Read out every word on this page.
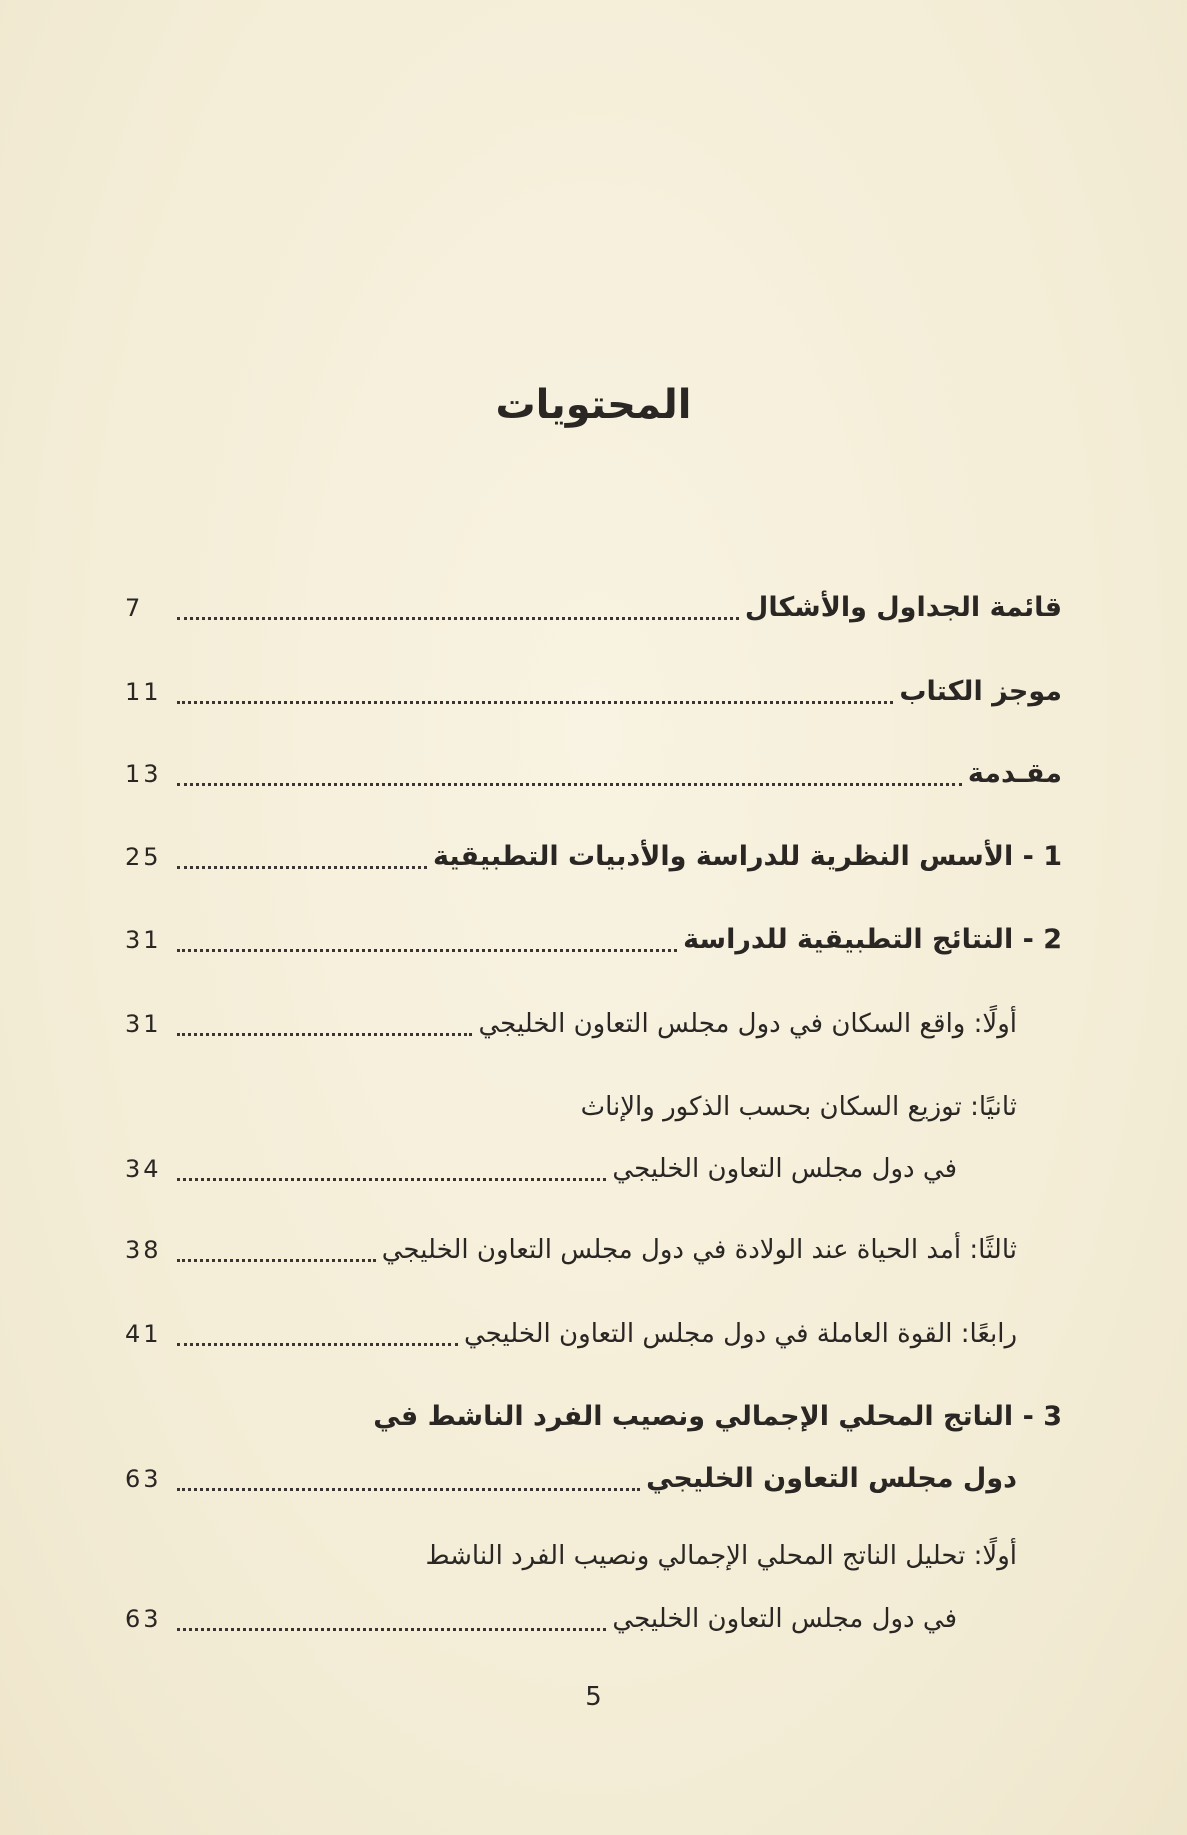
المحتويات
قائمة الجداول والأشكال
7
موجز الكتاب
11
مقـدمة
13
1 - الأسس النظرية للدراسة والأدبيات التطبيقية
25
2 - النتائج التطبيقية للدراسة
31
أولًا: واقع السكان في دول مجلس التعاون الخليجي
31
ثانيًا: توزيع السكان بحسب الذكور والإناث
في دول مجلس التعاون الخليجي
34
ثالثًا: أمد الحياة عند الولادة في دول مجلس التعاون الخليجي
38
رابعًا: القوة العاملة في دول مجلس التعاون الخليجي
41
3 - الناتج المحلي الإجمالي ونصيب الفرد الناشط في
دول مجلس التعاون الخليجي
63
أولًا: تحليل الناتج المحلي الإجمالي ونصيب الفرد الناشط
في دول مجلس التعاون الخليجي
63
5
